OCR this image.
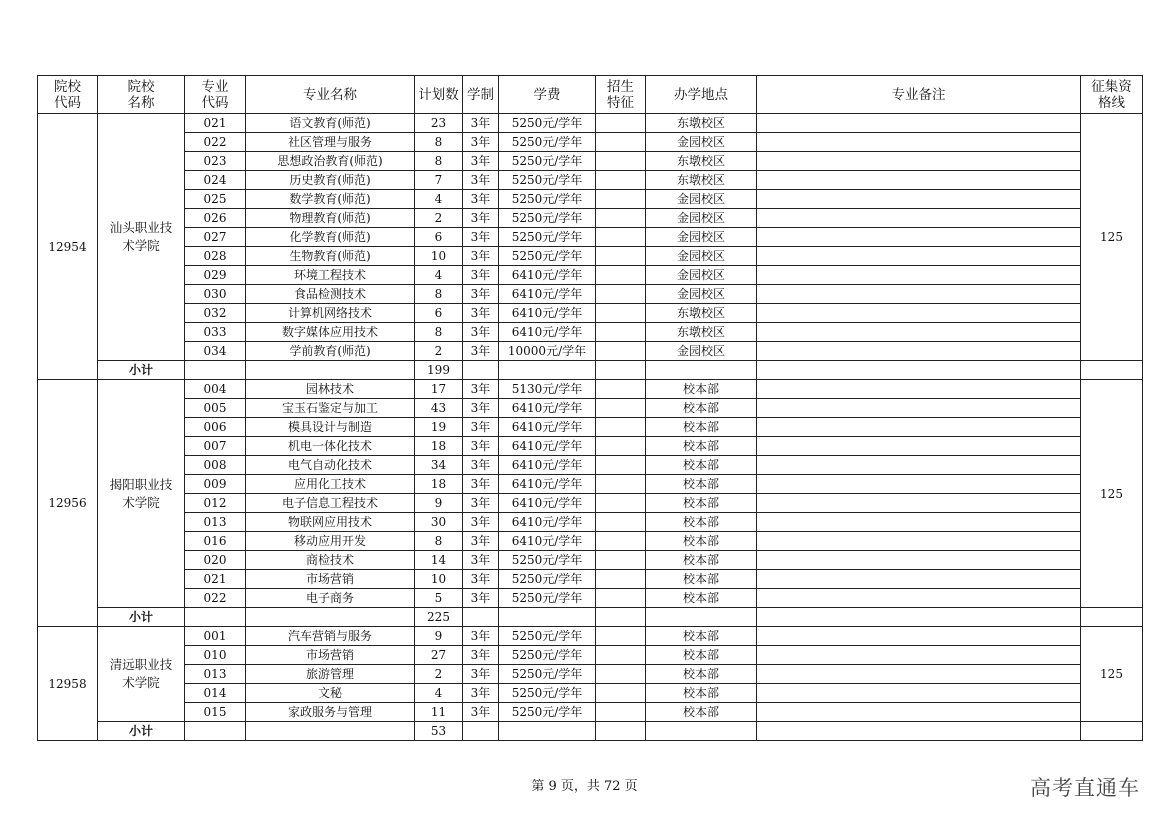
院校代码	院校名称	专业代码	专业名称	计划数	学制	学费	招生特征	办学地点	专业备注	征集资格线
12954	汕头职业技术学院	021	语文教育(师范)	23	3年	5250元/学年		东墩校区		125
		022	社区管理与服务	8	3年	5250元/学年		金园校区		
		023	思想政治教育(师范)	8	3年	5250元/学年		东墩校区		
		024	历史教育(师范)	7	3年	5250元/学年		东墩校区		
		025	数学教育(师范)	4	3年	5250元/学年		金园校区		
		026	物理教育(师范)	2	3年	5250元/学年		金园校区		
		027	化学教育(师范)	6	3年	5250元/学年		金园校区		
		028	生物教育(师范)	10	3年	5250元/学年		金园校区		
		029	环境工程技术	4	3年	6410元/学年		金园校区		
		030	食品检测技术	8	3年	6410元/学年		金园校区		
		032	计算机网络技术	6	3年	6410元/学年		东墩校区		
		033	数字媒体应用技术	8	3年	6410元/学年		东墩校区		
		034	学前教育(师范)	2	3年	10000元/学年		金园校区		
	小计			199						
12956	揭阳职业技术学院	004	园林技术	17	3年	5130元/学年		校本部		125
		005	宝玉石鉴定与加工	43	3年	6410元/学年		校本部		
		006	模具设计与制造	19	3年	6410元/学年		校本部		
		007	机电一体化技术	18	3年	6410元/学年		校本部		
		008	电气自动化技术	34	3年	6410元/学年		校本部		
		009	应用化工技术	18	3年	6410元/学年		校本部		
		012	电子信息工程技术	9	3年	6410元/学年		校本部		
		013	物联网应用技术	30	3年	6410元/学年		校本部		
		016	移动应用开发	8	3年	6410元/学年		校本部		
		020	商检技术	14	3年	5250元/学年		校本部		
		021	市场营销	10	3年	5250元/学年		校本部		
		022	电子商务	5	3年	5250元/学年		校本部		
	小计			225						
12958	清远职业技术学院	001	汽车营销与服务	9	3年	5250元/学年		校本部		125
		010	市场营销	27	3年	5250元/学年		校本部		
		013	旅游管理	2	3年	5250元/学年		校本部		
		014	文秘	4	3年	5250元/学年		校本部		
		015	家政服务与管理	11	3年	5250元/学年		校本部		
	小计			53						
第 9 页，共 72 页	高考直通车
